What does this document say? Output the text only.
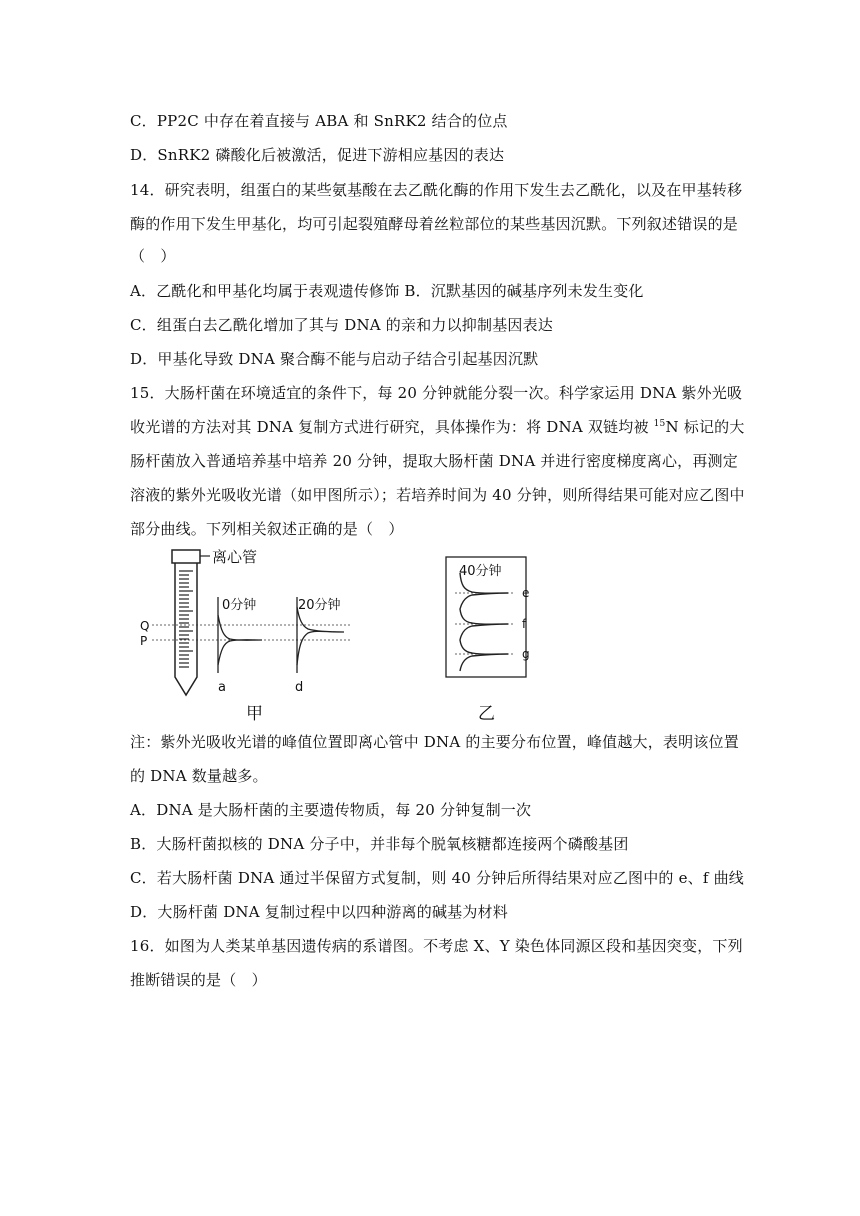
C．PP2C 中存在着直接与 ABA 和 SnRK2 结合的位点
D．SnRK2 磷酸化后被激活，促进下游相应基因的表达
14．研究表明，组蛋白的某些氨基酸在去乙酰化酶的作用下发生去乙酰化，以及在甲基转移
酶的作用下发生甲基化，均可引起裂殖酵母着丝粒部位的某些基因沉默。下列叙述错误的是
（　）
A．乙酰化和甲基化均属于表观遗传修饰 B．沉默基因的碱基序列未发生变化
C．组蛋白去乙酰化增加了其与 DNA 的亲和力以抑制基因表达
D．甲基化导致 DNA 聚合酶不能与启动子结合引起基因沉默
15．大肠杆菌在环境适宜的条件下，每 20 分钟就能分裂一次。科学家运用 DNA 紫外光吸
收光谱的方法对其 DNA 复制方式进行研究，具体操作为：将 DNA 双链均被 $^{15}$N 标记的大
肠杆菌放入普通培养基中培养 20 分钟，提取大肠杆菌 DNA 并进行密度梯度离心，再测定
溶液的紫外光吸收光谱（如甲图所示）；若培养时间为 40 分钟，则所得结果可能对应乙图中
部分曲线。下列相关叙述正确的是（　）
离心管
Q
P
0分钟
a
20分钟
d
甲
40分钟
e
f
g
乙
注：紫外光吸收光谱的峰值位置即离心管中 DNA 的主要分布位置，峰值越大，表明该位置
的 DNA 数量越多。
A．DNA 是大肠杆菌的主要遗传物质，每 20 分钟复制一次
B．大肠杆菌拟核的 DNA 分子中，并非每个脱氧核糖都连接两个磷酸基团
C．若大肠杆菌 DNA 通过半保留方式复制，则 40 分钟后所得结果对应乙图中的 e、f 曲线
D．大肠杆菌 DNA 复制过程中以四种游离的碱基为材料
16．如图为人类某单基因遗传病的系谱图。不考虑 X、Y 染色体同源区段和基因突变，下列
推断错误的是（　）
